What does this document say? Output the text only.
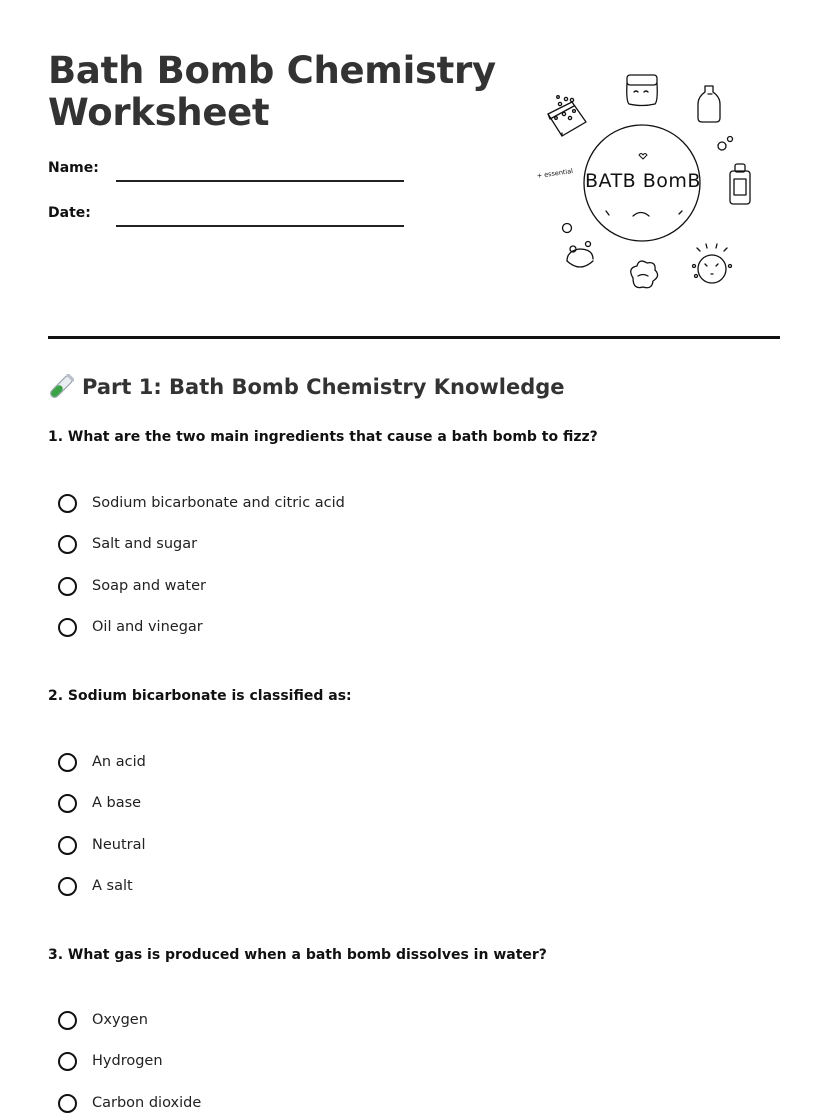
Bath Bomb Chemistry
Worksheet
Name:
Date:
BATB BomB
+ essential
Part 1: Bath Bomb Chemistry Knowledge
1. What are the two main ingredients that cause a bath bomb to fizz?
Sodium bicarbonate and citric acid
Salt and sugar
Soap and water
Oil and vinegar
2. Sodium bicarbonate is classified as:
An acid
A base
Neutral
A salt
3. What gas is produced when a bath bomb dissolves in water?
Oxygen
Hydrogen
Carbon dioxide
